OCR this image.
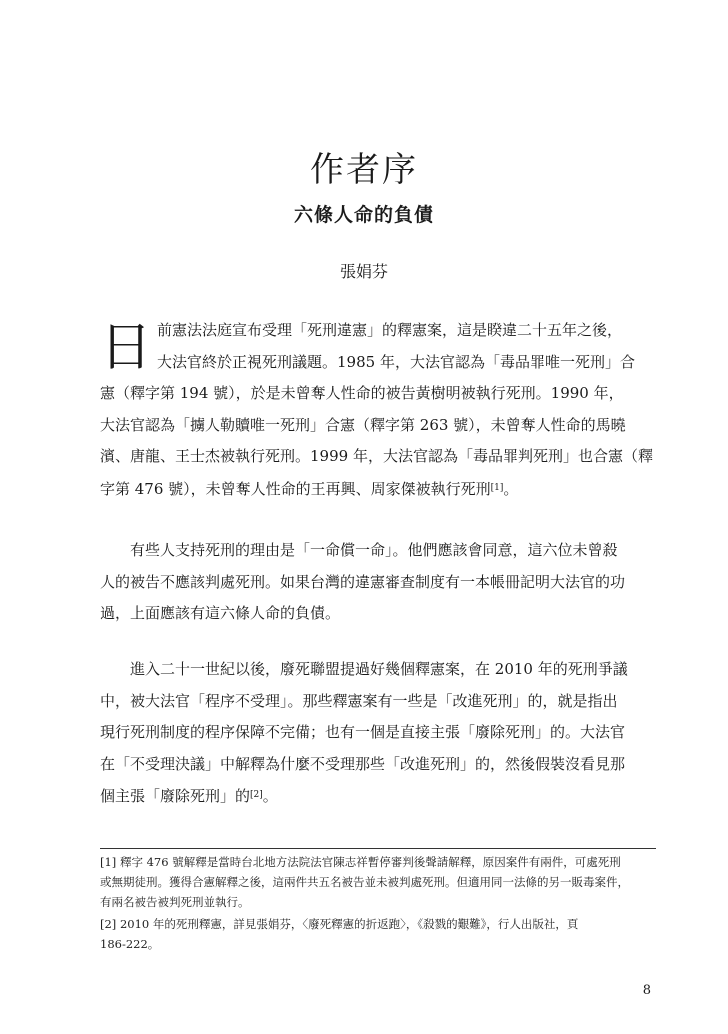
作者序
六條人命的負債

張娟芬

日 前憲法法庭宣布受理「死刑違憲」的釋憲案，這是睽違二十五年之後，
大法官終於正視死刑議題。1985 年，大法官認為「毒品罪唯一死刑」合
憲（釋字第 194 號），於是未曾奪人性命的被告黃樹明被執行死刑。1990 年，
大法官認為「擄人勒贖唯一死刑」合憲（釋字第 263 號），未曾奪人性命的馬曉
濱、唐龍、王士杰被執行死刑。1999 年，大法官認為「毒品罪判死刑」也合憲（釋
字第 476 號），未曾奪人性命的王再興、周家傑被執行死刑[1]。
有些人支持死刑的理由是「一命償一命」。他們應該會同意，這六位未曾殺
人的被告不應該判處死刑。如果台灣的違憲審查制度有一本帳冊記明大法官的功
過，上面應該有這六條人命的負債。
進入二十一世紀以後，廢死聯盟提過好幾個釋憲案，在 2010 年的死刑爭議
中，被大法官「程序不受理」。那些釋憲案有一些是「改進死刑」的，就是指出
現行死刑制度的程序保障不完備；也有一個是直接主張「廢除死刑」的。大法官
在「不受理決議」中解釋為什麼不受理那些「改進死刑」的，然後假裝沒看見那
個主張「廢除死刑」的[2]。
[1] 釋字 476 號解釋是當時台北地方法院法官陳志祥暫停審判後聲請解釋，原因案件有兩件，可處死刑
或無期徒刑。獲得合憲解釋之後，這兩件共五名被告並未被判處死刑。但適用同一法條的另一販毒案件，
有兩名被告被判死刑並執行。
[2] 2010 年的死刑釋憲，詳見張娟芬，〈廢死釋憲的折返跑〉，《殺戮的艱難》，行人出版社，頁
186-222。
8
